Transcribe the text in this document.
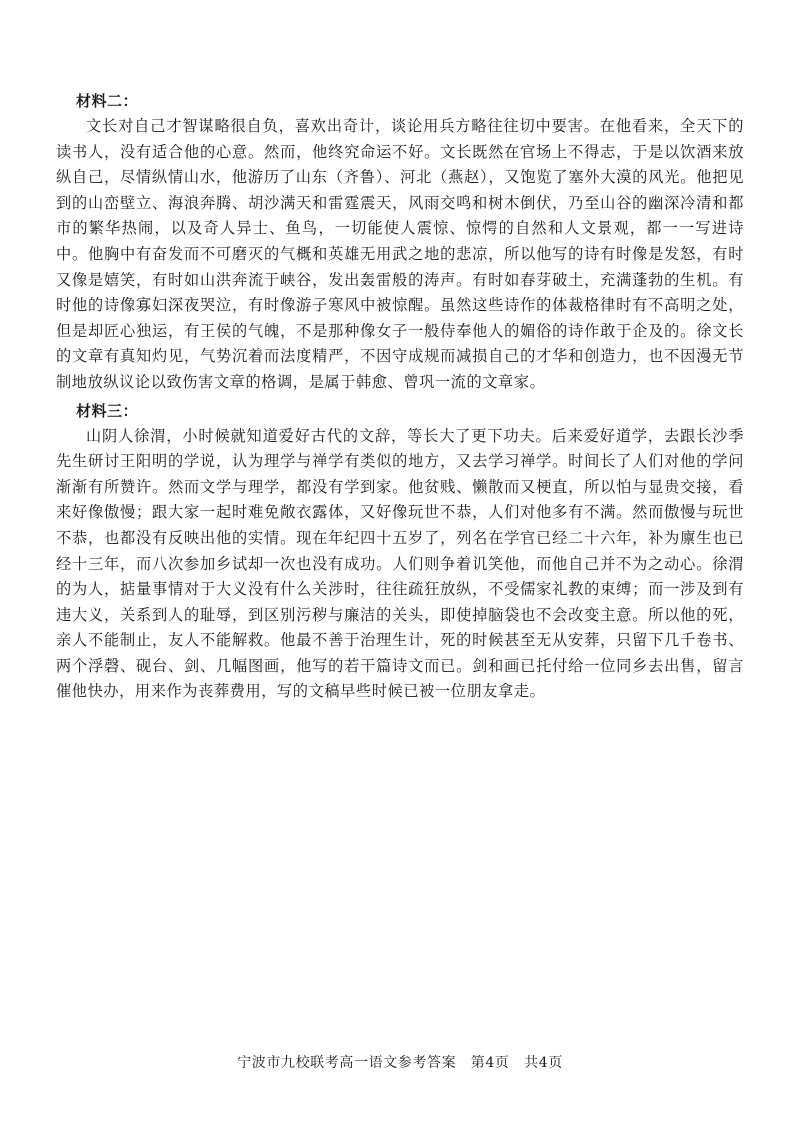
材料二：

文长对自己才智谋略很自负，喜欢出奇计，谈论用兵方略往往切中要害。在他看来，全天下的读书人，没有适合他的心意。然而，他终究命运不好。文长既然在官场上不得志，于是以饮酒来放纵自己，尽情纵情山水，他游历了山东（齐鲁）、河北（燕赵），又饱览了塞外大漠的风光。他把见到的山峦壁立、海浪奔腾、胡沙满天和雷霆震天，风雨交鸣和树木倒伏，乃至山谷的幽深冷清和都市的繁华热闹，以及奇人异士、鱼鸟，一切能使人震惊、惊愕的自然和人文景观，都一一写进诗中。他胸中有奋发而不可磨灭的气概和英雄无用武之地的悲凉，所以他写的诗有时像是发怒，有时又像是嬉笑，有时如山洪奔流于峡谷，发出轰雷般的涛声。有时如春芽破土，充满蓬勃的生机。有时他的诗像寡妇深夜哭泣，有时像游子寒风中被惊醒。虽然这些诗作的体裁格律时有不高明之处，但是却匠心独运，有王侯的气魄，不是那种像女子一般侍奉他人的媚俗的诗作敢于企及的。徐文长的文章有真知灼见，气势沉着而法度精严，不因守成规而减损自己的才华和创造力，也不因漫无节制地放纵议论以致伤害文章的格调，是属于韩愈、曾巩一流的文章家。

材料三：

山阴人徐渭，小时候就知道爱好古代的文辞，等长大了更下功夫。后来爱好道学，去跟长沙季先生研讨王阳明的学说，认为理学与禅学有类似的地方，又去学习禅学。时间长了人们对他的学问渐渐有所赞许。然而文学与理学，都没有学到家。他贫贱、懒散而又梗直，所以怕与显贵交接，看来好像傲慢；跟大家一起时难免敞衣露体，又好像玩世不恭，人们对他多有不满。然而傲慢与玩世不恭，也都没有反映出他的实情。现在年纪四十五岁了，列名在学官已经二十六年，补为廪生也已经十三年，而八次参加乡试却一次也没有成功。人们则争着讥笑他，而他自己并不为之动心。徐渭的为人，掂量事情对于大义没有什么关涉时，往往疏狂放纵，不受儒家礼教的束缚；而一涉及到有违大义，关系到人的耻辱，到区别污秽与廉洁的关头，即使掉脑袋也不会改变主意。所以他的死，亲人不能制止，友人不能解救。他最不善于治理生计，死的时候甚至无从安葬，只留下几千卷书、两个浮磬、砚台、剑、几幅图画，他写的若干篇诗文而已。剑和画已托付给一位同乡去出售，留言催他快办，用来作为丧葬费用，写的文稿早些时候已被一位朋友拿走。

宁波市九校联考高一语文参考答案　第4页　共4页
